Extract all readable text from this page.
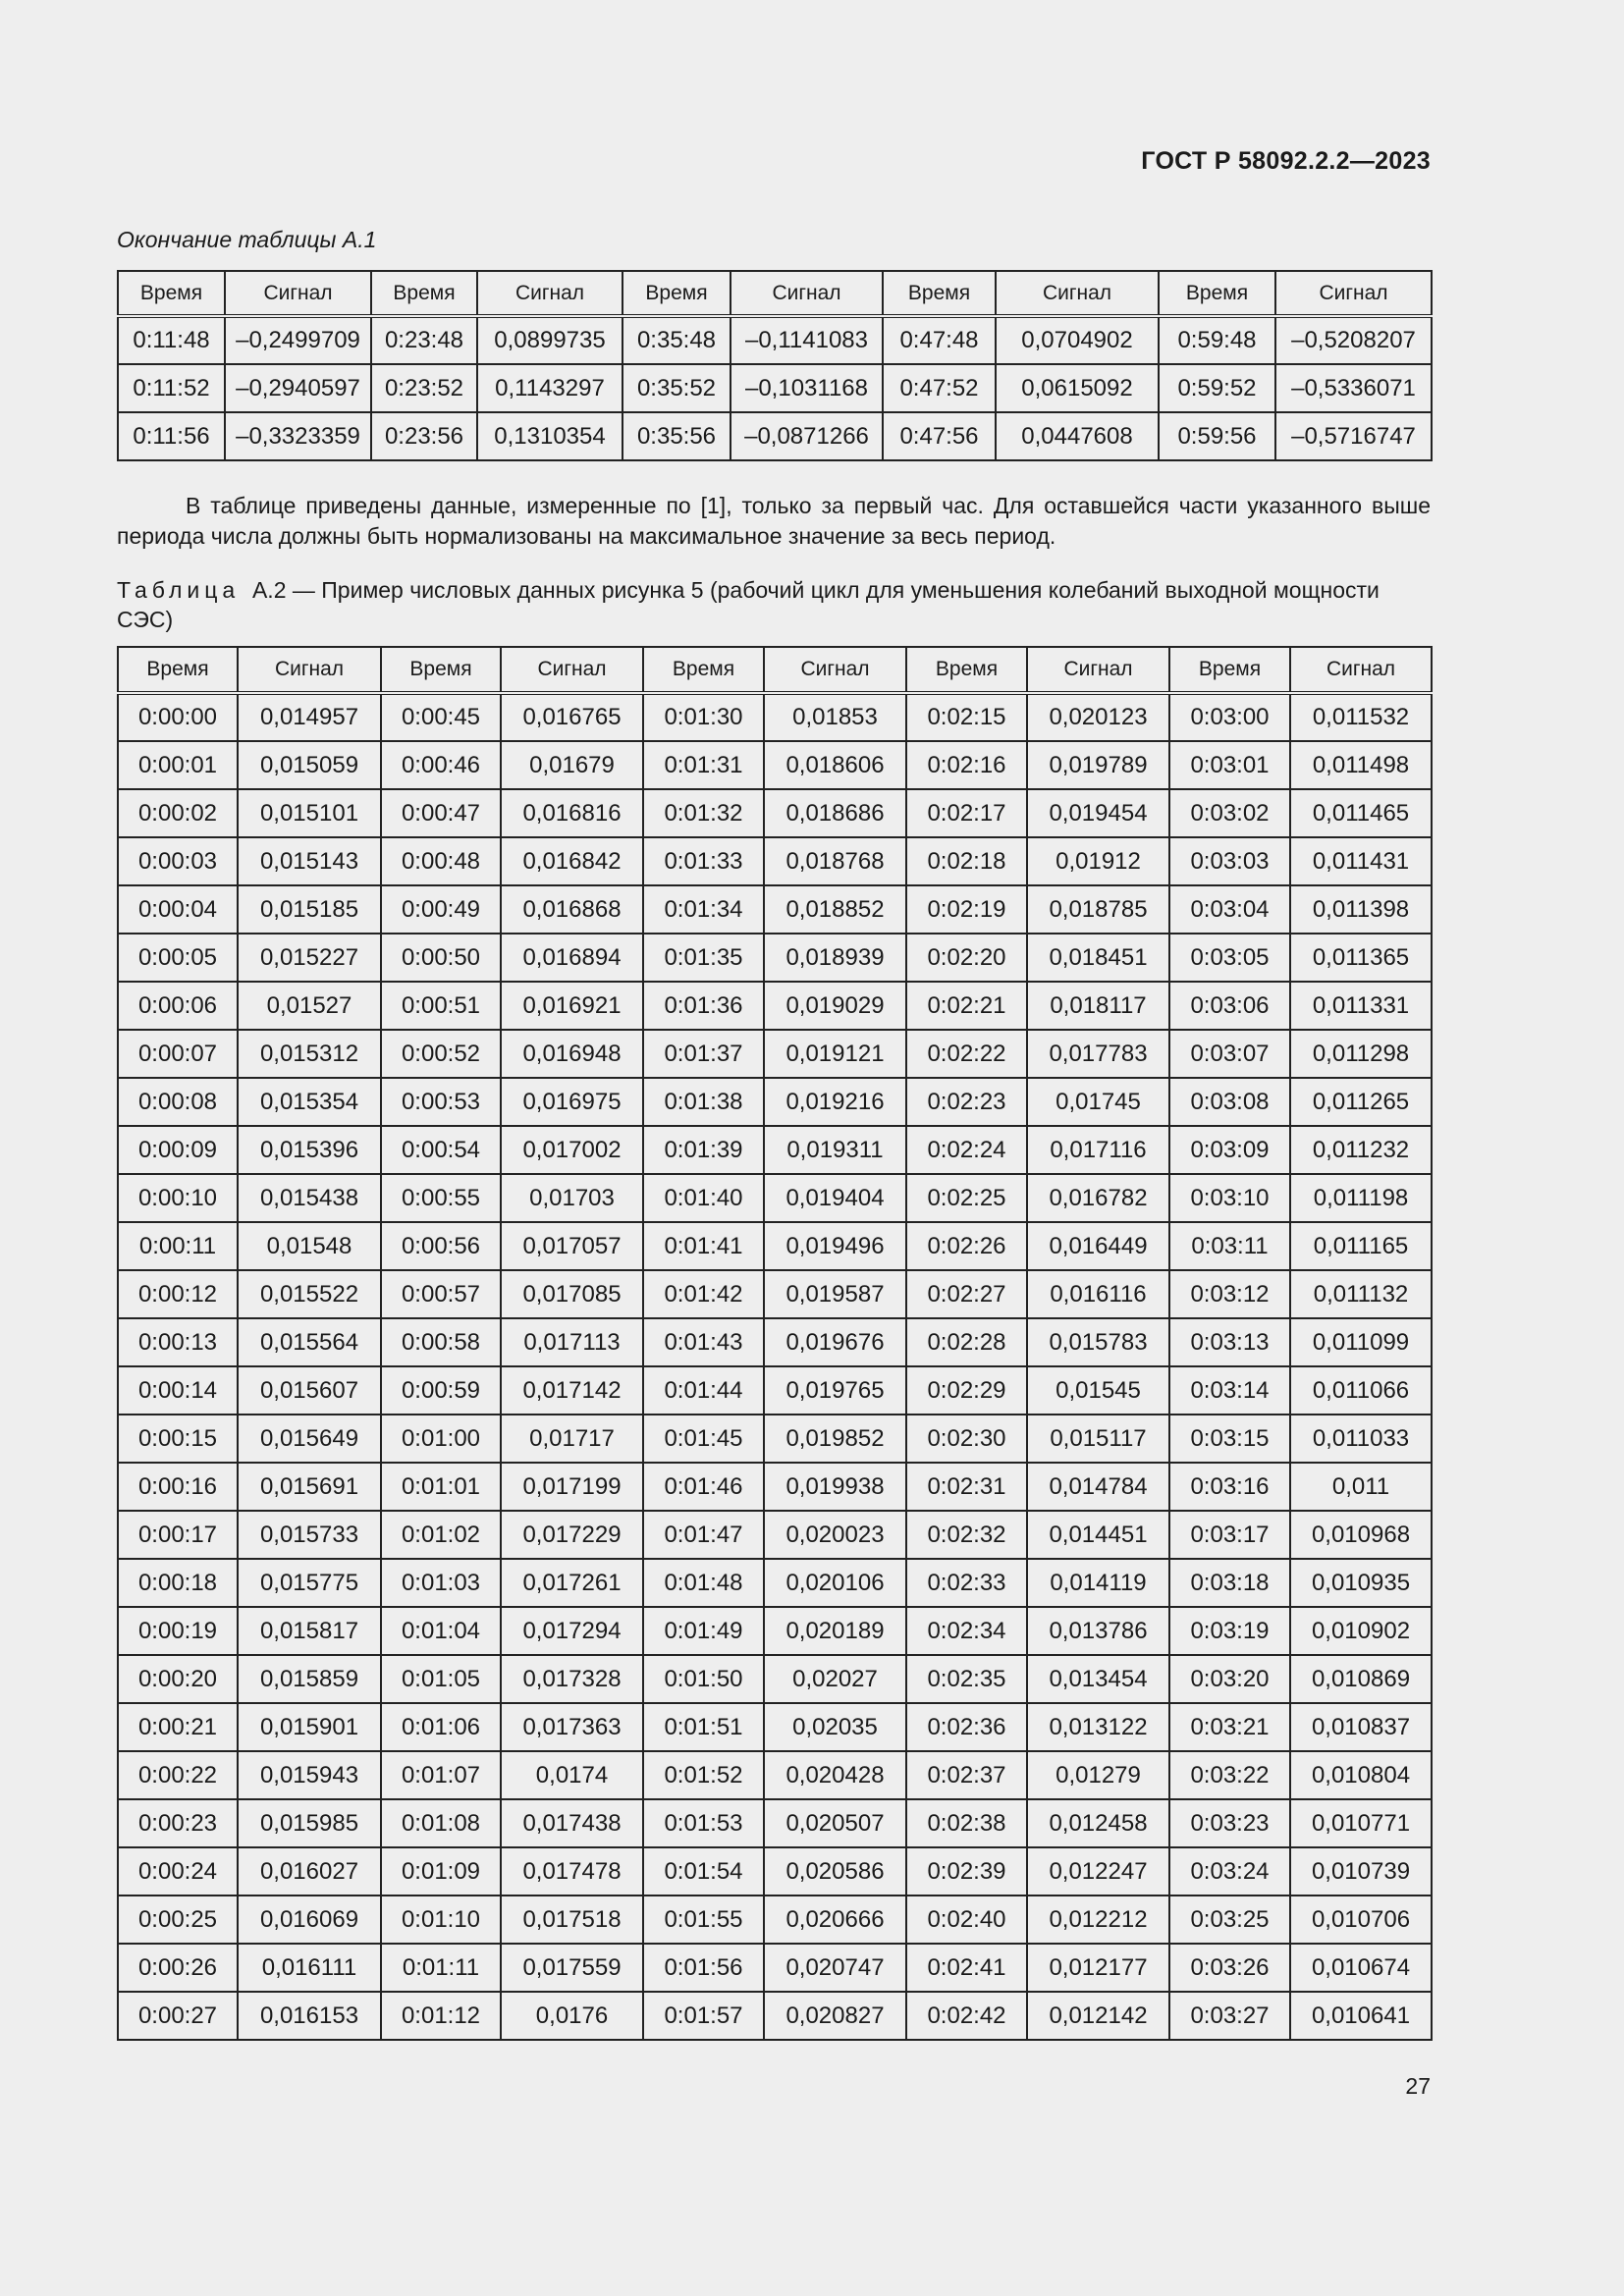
ГОСТ Р 58092.2.2—2023
Окончание таблицы А.1
Время	Сигнал	Время	Сигнал	Время	Сигнал	Время	Сигнал	Время	Сигнал
0:11:48	–0,2499709	0:23:48	0,0899735	0:35:48	–0,1141083	0:47:48	0,0704902	0:59:48	–0,5208207
0:11:52	–0,2940597	0:23:52	0,1143297	0:35:52	–0,1031168	0:47:52	0,0615092	0:59:52	–0,5336071
0:11:56	–0,3323359	0:23:56	0,1310354	0:35:56	–0,0871266	0:47:56	0,0447608	0:59:56	–0,5716747
В таблице приведены данные, измеренные по [1], только за первый час. Для оставшейся части указанного выше периода числа должны быть нормализованы на максимальное значение за весь период.
Таблица А.2 — Пример числовых данных рисунка 5 (рабочий цикл для уменьшения колебаний выходной мощности СЭС)
Время	Сигнал	Время	Сигнал	Время	Сигнал	Время	Сигнал	Время	Сигнал
0:00:00	0,014957	0:00:45	0,016765	0:01:30	0,01853	0:02:15	0,020123	0:03:00	0,011532
0:00:01	0,015059	0:00:46	0,01679	0:01:31	0,018606	0:02:16	0,019789	0:03:01	0,011498
0:00:02	0,015101	0:00:47	0,016816	0:01:32	0,018686	0:02:17	0,019454	0:03:02	0,011465
0:00:03	0,015143	0:00:48	0,016842	0:01:33	0,018768	0:02:18	0,01912	0:03:03	0,011431
0:00:04	0,015185	0:00:49	0,016868	0:01:34	0,018852	0:02:19	0,018785	0:03:04	0,011398
0:00:05	0,015227	0:00:50	0,016894	0:01:35	0,018939	0:02:20	0,018451	0:03:05	0,011365
0:00:06	0,01527	0:00:51	0,016921	0:01:36	0,019029	0:02:21	0,018117	0:03:06	0,011331
0:00:07	0,015312	0:00:52	0,016948	0:01:37	0,019121	0:02:22	0,017783	0:03:07	0,011298
0:00:08	0,015354	0:00:53	0,016975	0:01:38	0,019216	0:02:23	0,01745	0:03:08	0,011265
0:00:09	0,015396	0:00:54	0,017002	0:01:39	0,019311	0:02:24	0,017116	0:03:09	0,011232
0:00:10	0,015438	0:00:55	0,01703	0:01:40	0,019404	0:02:25	0,016782	0:03:10	0,011198
0:00:11	0,01548	0:00:56	0,017057	0:01:41	0,019496	0:02:26	0,016449	0:03:11	0,011165
0:00:12	0,015522	0:00:57	0,017085	0:01:42	0,019587	0:02:27	0,016116	0:03:12	0,011132
0:00:13	0,015564	0:00:58	0,017113	0:01:43	0,019676	0:02:28	0,015783	0:03:13	0,011099
0:00:14	0,015607	0:00:59	0,017142	0:01:44	0,019765	0:02:29	0,01545	0:03:14	0,011066
0:00:15	0,015649	0:01:00	0,01717	0:01:45	0,019852	0:02:30	0,015117	0:03:15	0,011033
0:00:16	0,015691	0:01:01	0,017199	0:01:46	0,019938	0:02:31	0,014784	0:03:16	0,011
0:00:17	0,015733	0:01:02	0,017229	0:01:47	0,020023	0:02:32	0,014451	0:03:17	0,010968
0:00:18	0,015775	0:01:03	0,017261	0:01:48	0,020106	0:02:33	0,014119	0:03:18	0,010935
0:00:19	0,015817	0:01:04	0,017294	0:01:49	0,020189	0:02:34	0,013786	0:03:19	0,010902
0:00:20	0,015859	0:01:05	0,017328	0:01:50	0,02027	0:02:35	0,013454	0:03:20	0,010869
0:00:21	0,015901	0:01:06	0,017363	0:01:51	0,02035	0:02:36	0,013122	0:03:21	0,010837
0:00:22	0,015943	0:01:07	0,0174	0:01:52	0,020428	0:02:37	0,01279	0:03:22	0,010804
0:00:23	0,015985	0:01:08	0,017438	0:01:53	0,020507	0:02:38	0,012458	0:03:23	0,010771
0:00:24	0,016027	0:01:09	0,017478	0:01:54	0,020586	0:02:39	0,012247	0:03:24	0,010739
0:00:25	0,016069	0:01:10	0,017518	0:01:55	0,020666	0:02:40	0,012212	0:03:25	0,010706
0:00:26	0,016111	0:01:11	0,017559	0:01:56	0,020747	0:02:41	0,012177	0:03:26	0,010674
0:00:27	0,016153	0:01:12	0,0176	0:01:57	0,020827	0:02:42	0,012142	0:03:27	0,010641
27
